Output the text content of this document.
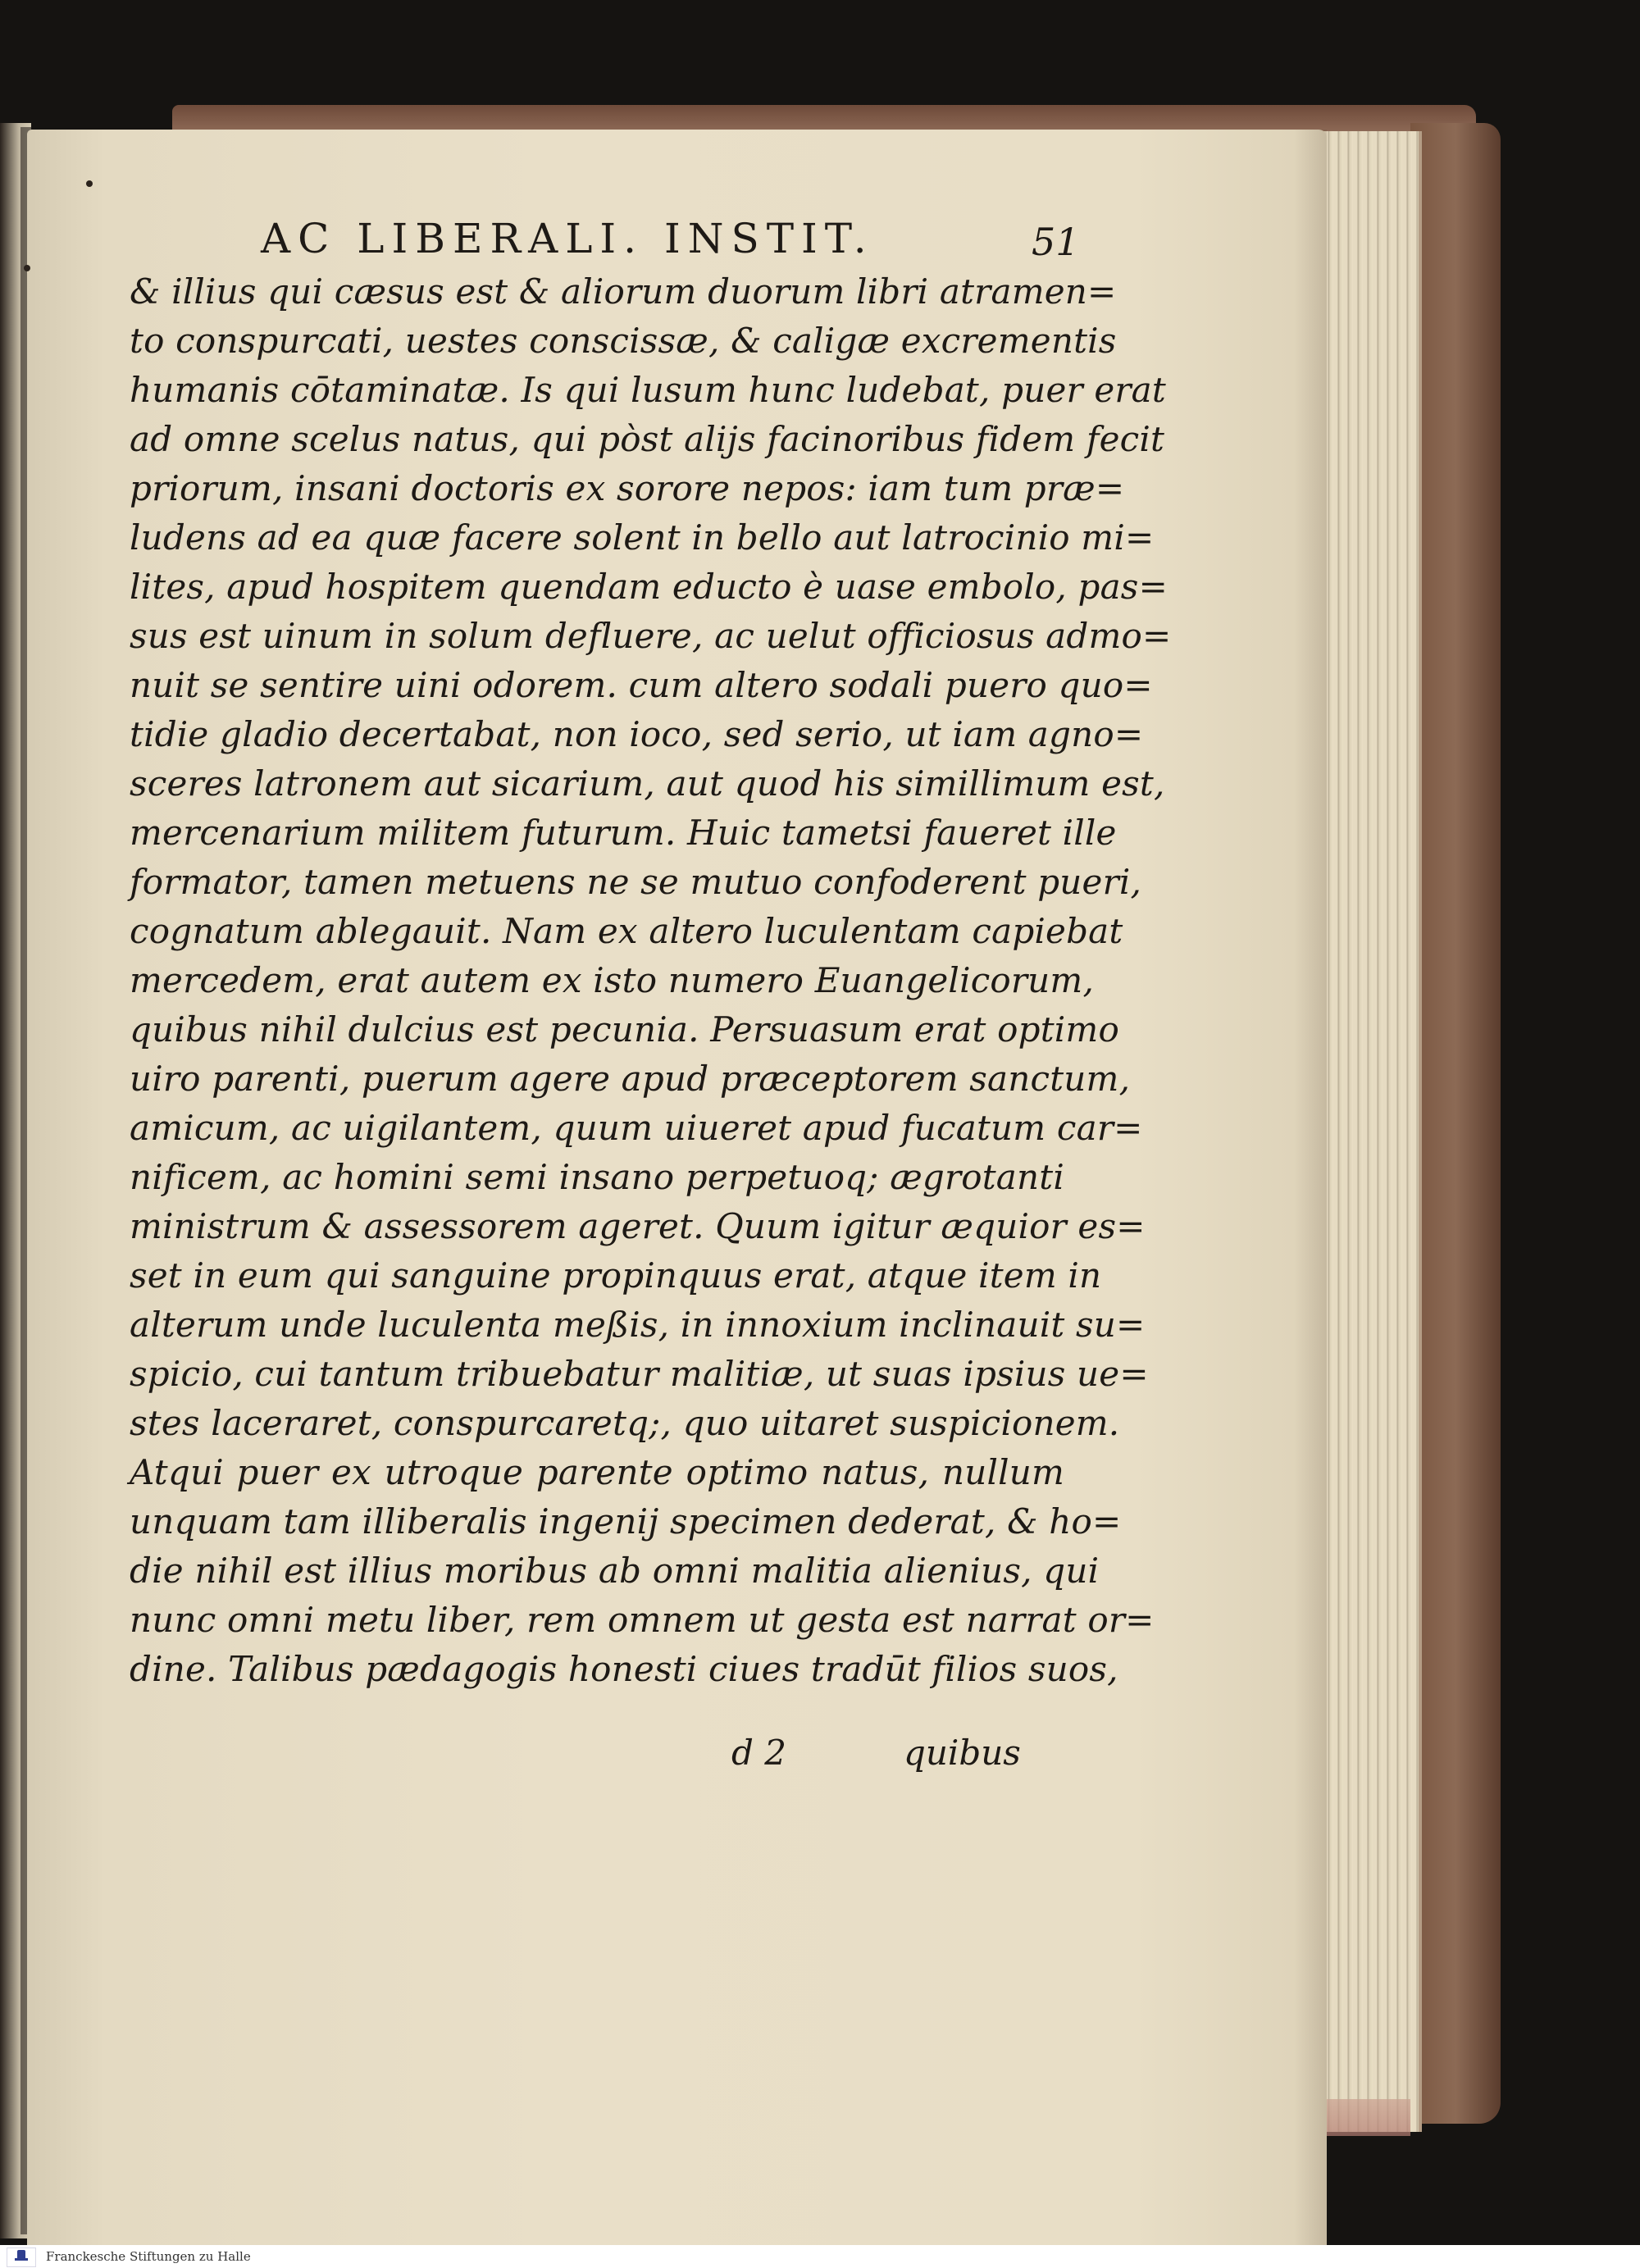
AC LIBERALI. INSTIT.	51
& illius qui cæsus est & aliorum duorum libri atramen=
to conspurcati, uestes conscissæ, & caligæ excrementis
humanis cōtaminatæ. Is qui lusum hunc ludebat, puer erat
ad omne scelus natus, qui pòst alijs facinoribus fidem fecit
priorum, insani doctoris ex sorore nepos: iam tum præ=
ludens ad ea quæ facere solent in bello aut latrocinio mi=
lites, apud hospitem quendam educto è uase embolo, pas=
sus est uinum in solum defluere, ac uelut officiosus admo=
nuit se sentire uini odorem. cum altero sodali puero quo=
tidie gladio decertabat, non ioco, sed serio, ut iam agno=
sceres latronem aut sicarium, aut quod his simillimum est,
mercenarium militem futurum. Huic tametsi faueret ille
formator, tamen metuens ne se mutuo confoderent pueri,
cognatum ablegauit. Nam ex altero luculentam capiebat
mercedem, erat autem ex isto numero Euangelicorum,
quibus nihil dulcius est pecunia. Persuasum erat optimo
uiro parenti, puerum agere apud præceptorem sanctum,
amicum, ac uigilantem, quum uiueret apud fucatum car=
nificem, ac homini semi insano perpetuoq; ægrotanti
ministrum & assessorem ageret. Quum igitur æquior es=
set in eum qui sanguine propinquus erat, atque item in
alterum unde luculenta meßis, in innoxium inclinauit su=
spicio, cui tantum tribuebatur malitiæ, ut suas ipsius ue=
stes laceraret, conspurcaretq;, quo uitaret suspicionem.
Atqui puer ex utroque parente optimo natus, nullum
unquam tam illiberalis ingenij specimen dederat, & ho=
die nihil est illius moribus ab omni malitia alienius, qui
nunc omni metu liber, rem omnem ut gesta est narrat or=
dine. Talibus pædagogis honesti ciues tradūt filios suos,
d 2	quibus
Franckesche Stiftungen zu Halle
